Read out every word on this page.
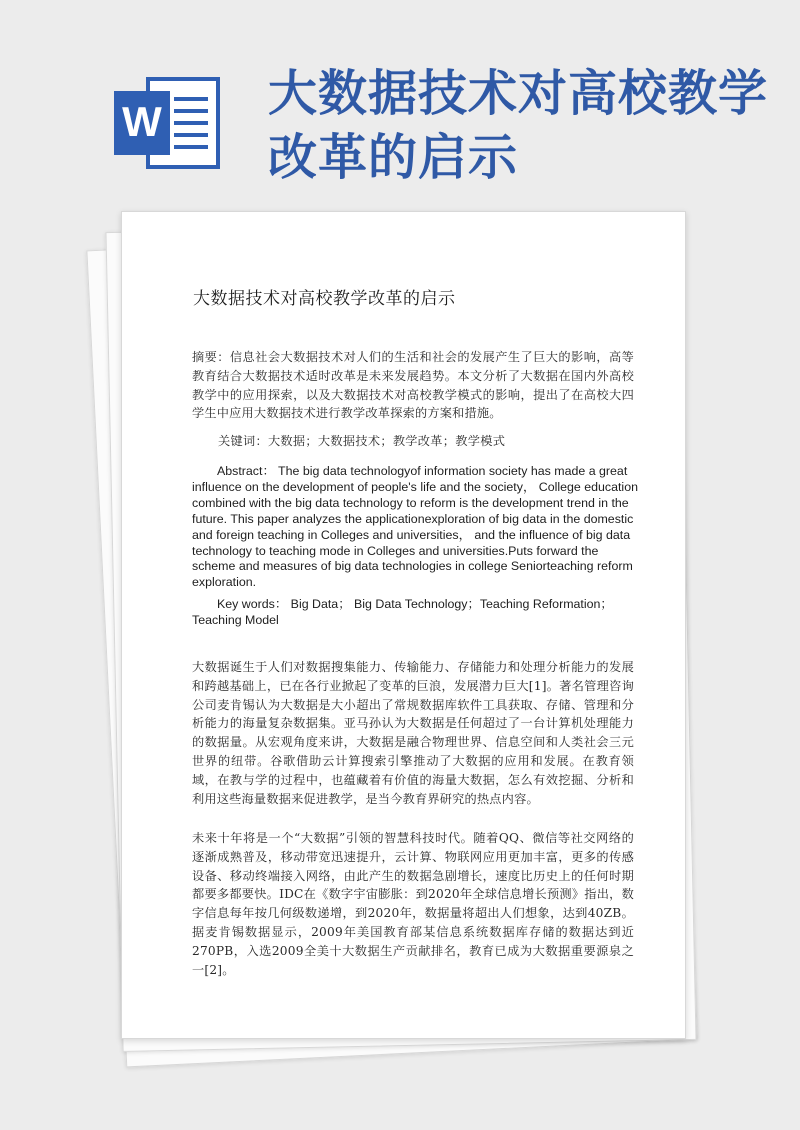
W 大数据技术对高校教学改革的启示
大数据技术对高校教学改革的启示

摘要：信息社会大数据技术对人们的生活和社会的发展产生了巨大的影响，高等教育结合大数据技术适时改革是未来发展趋势。本文分析了大数据在国内外高校教学中的应用探索，以及大数据技术对高校教学模式的影响，提出了在高校大四学生中应用大数据技术进行教学改革探索的方案和措施。

关键词：大数据；大数据技术；教学改革；教学模式

Abstract： The big data technologyof information society has made a great influence on the development of people's life and the society， College education combined with the big data technology to reform is the development trend in the future. This paper analyzes the applicationexploration of big data in the domestic and foreign teaching in Colleges and universities， and the influence of big data technology to teaching mode in Colleges and universities.Puts forward the scheme and measures of big data technologies in college Seniorteaching reform exploration.

Key words： Big Data； Big Data Technology；Teaching Reformation；Teaching Model

大数据诞生于人们对数据搜集能力、传输能力、存储能力和处理分析能力的发展和跨越基础上，已在各行业掀起了变革的巨浪，发展潜力巨大[1]。著名管理咨询公司麦肯锡认为大数据是大小超出了常规数据库软件工具获取、存储、管理和分析能力的海量复杂数据集。亚马孙认为大数据是任何超过了一台计算机处理能力的数据量。从宏观角度来讲，大数据是融合物理世界、信息空间和人类社会三元世界的纽带。谷歌借助云计算搜索引擎推动了大数据的应用和发展。在教育领域，在教与学的过程中，也蕴藏着有价值的海量大数据，怎么有效挖掘、分析和利用这些海量数据来促进教学，是当今教育界研究的热点内容。

未来十年将是一个“大数据”引领的智慧科技时代。随着QQ、微信等社交网络的逐渐成熟普及，移动带宽迅速提升，云计算、物联网应用更加丰富，更多的传感设备、移动终端接入网络，由此产生的数据急剧增长，速度比历史上的任何时期都要多都要快。IDC在《数字宇宙膨胀：到2020年全球信息增长预测》指出，数字信息每年按几何级数递增，到2020年，数据量将超出人们想象，达到40ZB。据麦肯锡数据显示，2009年美国教育部某信息系统数据库存储的数据达到近270PB，入选2009全美十大数据生产贡献排名，教育已成为大数据重要源泉之一[2]。
